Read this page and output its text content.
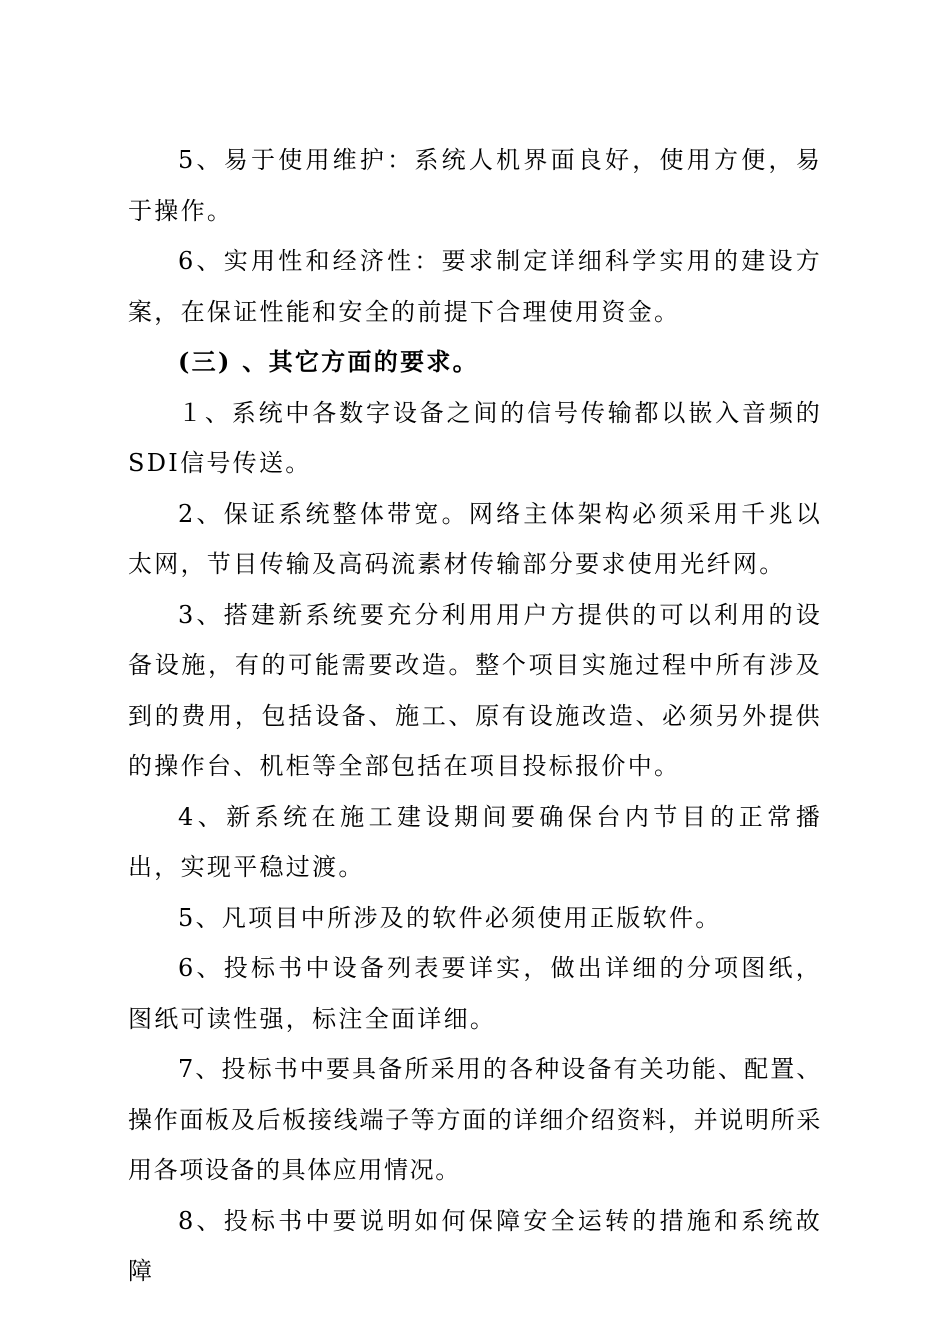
5、易于使用维护：系统人机界面良好，使用方便，易于操作。

6、实用性和经济性：要求制定详细科学实用的建设方案，在保证性能和安全的前提下合理使用资金。

(三) 、其它方面的要求。

１、系统中各数字设备之间的信号传输都以嵌入音频的SDI信号传送。

2、保证系统整体带宽。网络主体架构必须采用千兆以太网，节目传输及高码流素材传输部分要求使用光纤网。

3、搭建新系统要充分利用用户方提供的可以利用的设备设施，有的可能需要改造。整个项目实施过程中所有涉及到的费用，包括设备、施工、原有设施改造、必须另外提供的操作台、机柜等全部包括在项目投标报价中。

4、新系统在施工建设期间要确保台内节目的正常播出，实现平稳过渡。

5、凡项目中所涉及的软件必须使用正版软件。

6、投标书中设备列表要详实，做出详细的分项图纸，图纸可读性强，标注全面详细。

7、投标书中要具备所采用的各种设备有关功能、配置、操作面板及后板接线端子等方面的详细介绍资料，并说明所采用各项设备的具体应用情况。

8、投标书中要说明如何保障安全运转的措施和系统故障
